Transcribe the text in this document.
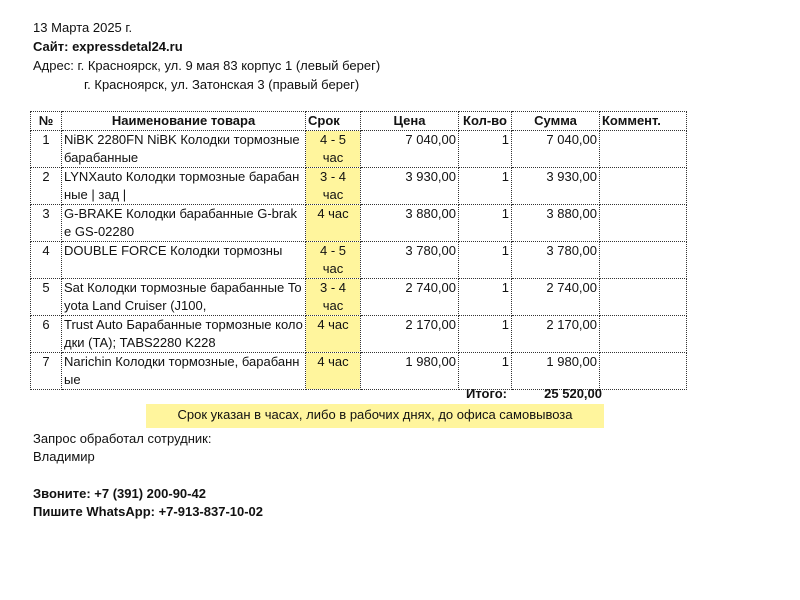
13 Марта 2025 г.
Сайт: expressdetal24.ru
Адрес: г. Красноярск, ул. 9 мая 83 корпус 1 (левый берег)
г. Красноярск, ул. Затонская 3 (правый берег)
№	Наименование товара	Срок	Цена	Кол-во	Сумма	Коммент.
1	NiBK 2280FN NiBK Колодки тормозные барабанные	4 - 5 час	7 040,00	1	7 040,00	
2	LYNXauto Колодки тормозные барабанные | зад |	3 - 4 час	3 930,00	1	3 930,00	
3	G-BRAKE Колодки барабанные G-brake GS-02280	4 час	3 880,00	1	3 880,00	
4	DOUBLE FORCE Колодки тормозны	4 - 5 час	3 780,00	1	3 780,00	
5	Sat Колодки тормозные барабанные Toyota Land Cruiser (J100,	3 - 4 час	2 740,00	1	2 740,00	
6	Trust Auto Барабанные тормозные колодки (TA); TABS2280 K228	4 час	2 170,00	1	2 170,00	
7	Narichin Колодки тормозные, барабанные	4 час	1 980,00	1	1 980,00	
Итого:	25 520,00
Срок указан в часах, либо в рабочих днях, до офиса самовывоза
Запрос обработал сотрудник:
Владимир
Звоните: +7 (391) 200-90-42
Пишите WhatsApp: +7-913-837-10-02
